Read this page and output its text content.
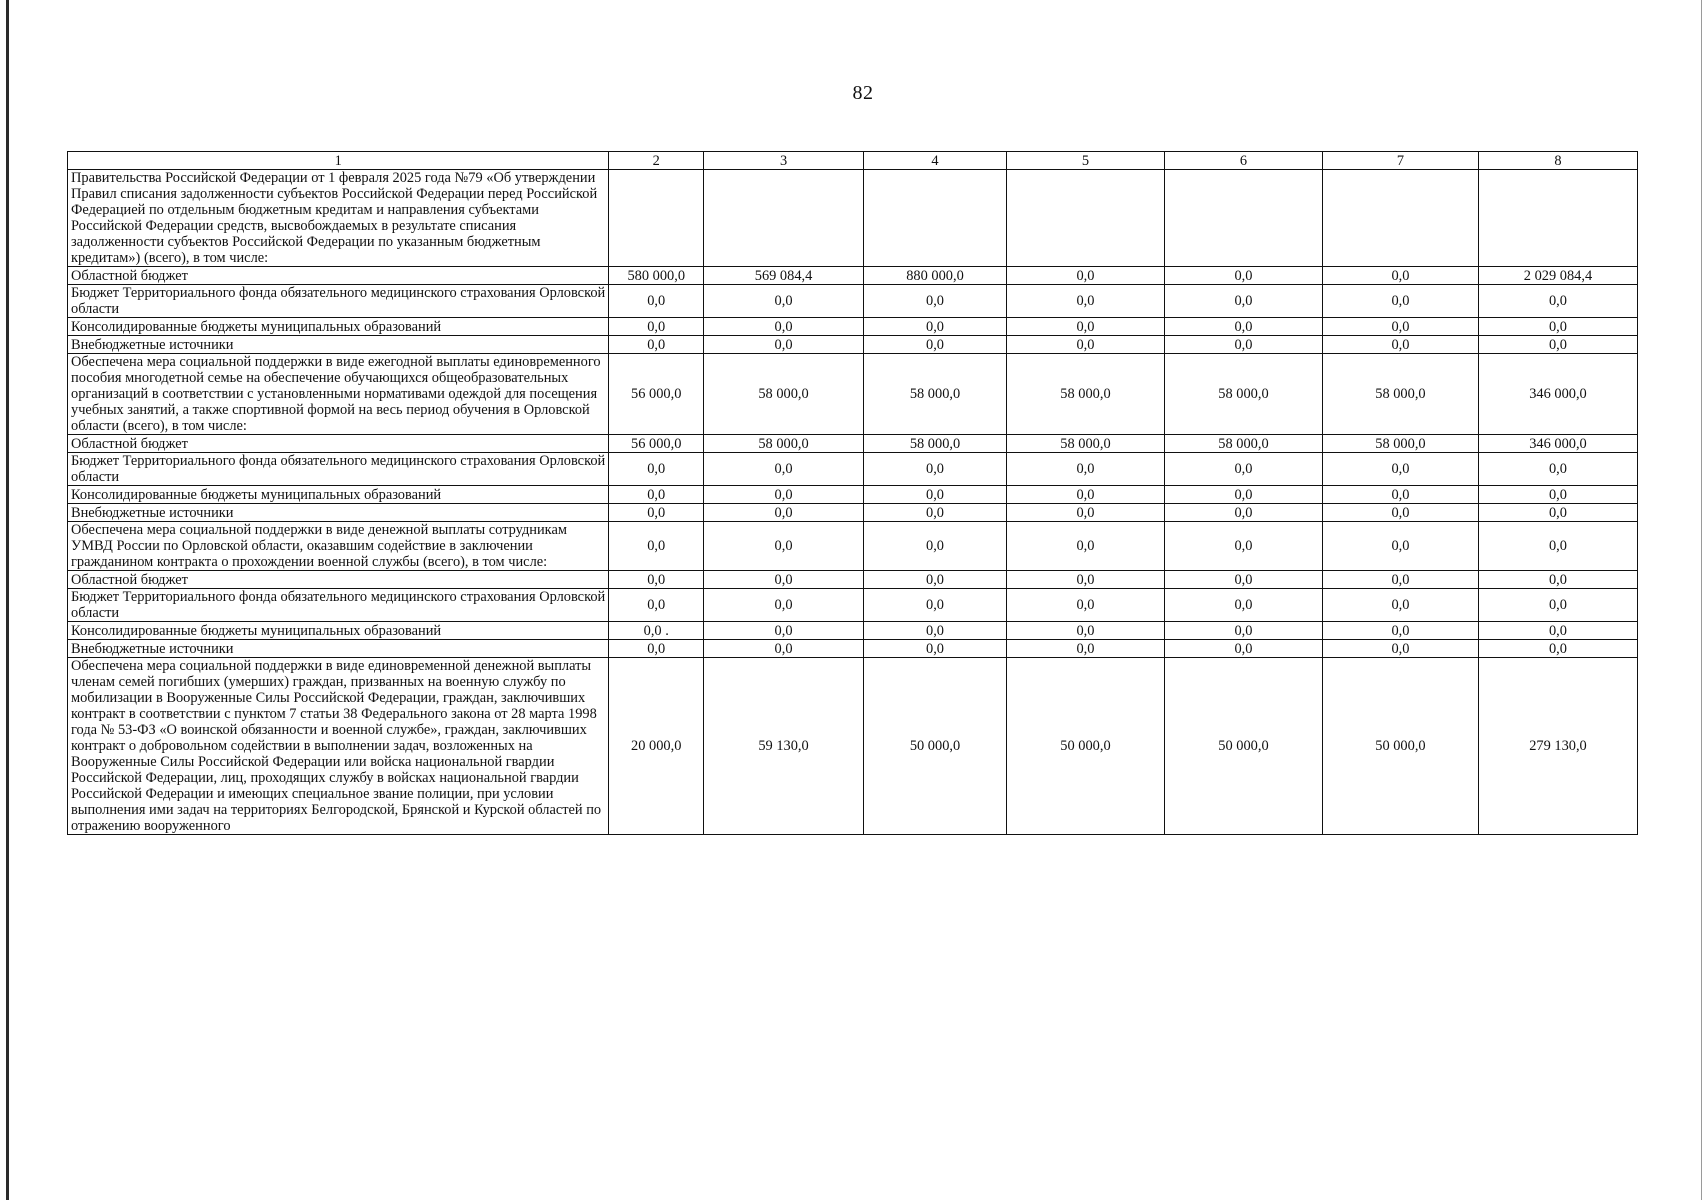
82
1	2	3	4	5	6	7	8
Правительства Российской Федерации от 1 февраля 2025 года №79 «Об утверждении Правил списания задолженности субъектов Российской Федерации перед Российской Федерацией по отдельным бюджетным кредитам и направления субъектами Российской Федерации средств, высвобождаемых в результате списания задолженности субъектов Российской Федерации по указанным бюджетным кредитам») (всего), в том числе:							
Областной бюджет	580 000,0	569 084,4	880 000,0	0,0	0,0	0,0	2 029 084,4
Бюджет Территориального фонда обязательного медицинского страхования Орловской области	0,0	0,0	0,0	0,0	0,0	0,0	0,0
Консолидированные бюджеты муниципальных образований	0,0	0,0	0,0	0,0	0,0	0,0	0,0
Внебюджетные источники	0,0	0,0	0,0	0,0	0,0	0,0	0,0
Обеспечена мера социальной поддержки в виде ежегодной выплаты единовременного пособия многодетной семье на обеспечение обучающихся общеобразовательных организаций в соответствии с установленными нормативами одеждой для посещения учебных занятий, а также спортивной формой на весь период обучения в Орловской области (всего), в том числе:	56 000,0	58 000,0	58 000,0	58 000,0	58 000,0	58 000,0	346 000,0
Областной бюджет	56 000,0	58 000,0	58 000,0	58 000,0	58 000,0	58 000,0	346 000,0
Бюджет Территориального фонда обязательного медицинского страхования Орловской области	0,0	0,0	0,0	0,0	0,0	0,0	0,0
Консолидированные бюджеты муниципальных образований	0,0	0,0	0,0	0,0	0,0	0,0	0,0
Внебюджетные источники	0,0	0,0	0,0	0,0	0,0	0,0	0,0
Обеспечена мера социальной поддержки в виде денежной выплаты сотрудникам УМВД России по Орловской области, оказавшим содействие в заключении гражданином контракта о прохождении военной службы (всего), в том числе:	0,0	0,0	0,0	0,0	0,0	0,0	0,0
Областной бюджет	0,0	0,0	0,0	0,0	0,0	0,0	0,0
Бюджет Территориального фонда обязательного медицинского страхования Орловской области	0,0	0,0	0,0	0,0	0,0	0,0	0,0
Консолидированные бюджеты муниципальных образований	0,0 .	0,0	0,0	0,0	0,0	0,0	0,0
Внебюджетные источники	0,0	0,0	0,0	0,0	0,0	0,0	0,0
Обеспечена мера социальной поддержки в виде единовременной денежной выплаты членам семей погибших (умерших) граждан, призванных на военную службу по мобилизации в Вооруженные Силы Российской Федерации, граждан, заключивших контракт в соответствии с пунктом 7 статьи 38 Федерального закона от 28 марта 1998 года № 53-ФЗ «О воинской обязанности и военной службе», граждан, заключивших контракт о добровольном содействии в выполнении задач, возложенных на Вооруженные Силы Российской Федерации или войска национальной гвардии Российской Федерации, лиц, проходящих службу в войсках национальной гвардии Российской Федерации и имеющих специальное звание полиции, при условии выполнения ими задач на территориях Белгородской, Брянской и Курской областей по отражению вооруженного	20 000,0	59 130,0	50 000,0	50 000,0	50 000,0	50 000,0	279 130,0
